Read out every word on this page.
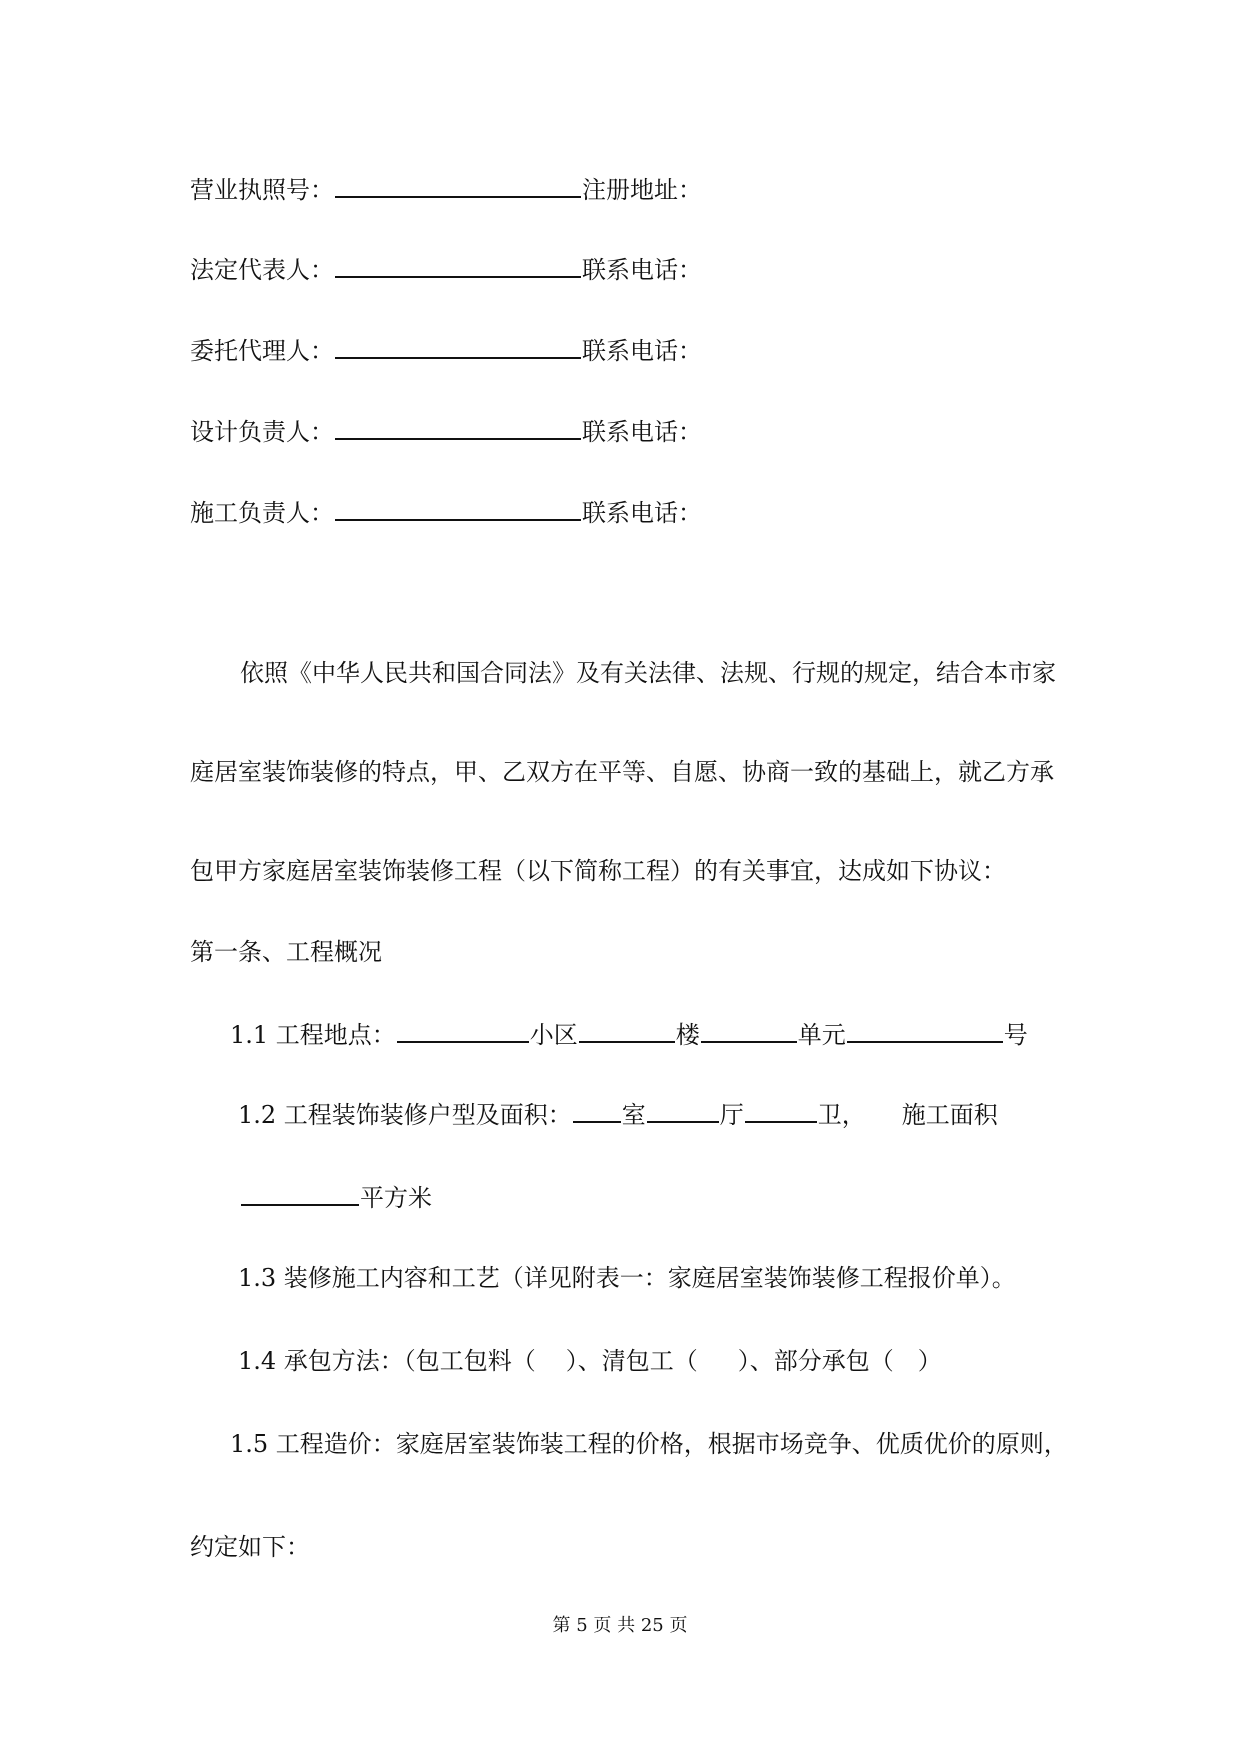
营业执照号：	注册地址：
法定代表人：	联系电话：
委托代理人：	联系电话：
设计负责人：	联系电话：
施工负责人：	联系电话：
依照《中华人民共和国合同法》及有关法律、法规、行规的规定，结合本市家
庭居室装饰装修的特点，甲、乙双方在平等、自愿、协商一致的基础上，就乙方承
包甲方家庭居室装饰装修工程（以下简称工程）的有关事宜，达成如下协议：
第一条、工程概况
1.1 工程地点：	小区	楼	单元	号
1.2 工程装饰装修户型及面积： 室	厅	卫， 施工面积
平方米
1.3 装修施工内容和工艺（详见附表一：家庭居室装饰装修工程报价单）。
1.4 承包方法：（包工包料（ ）、清包工（ ）、部分承包（ ）
1.5 工程造价：家庭居室装饰装工程的价格，根据市场竞争、优质优价的原则，
约定如下：
第 5 页 共 25 页
